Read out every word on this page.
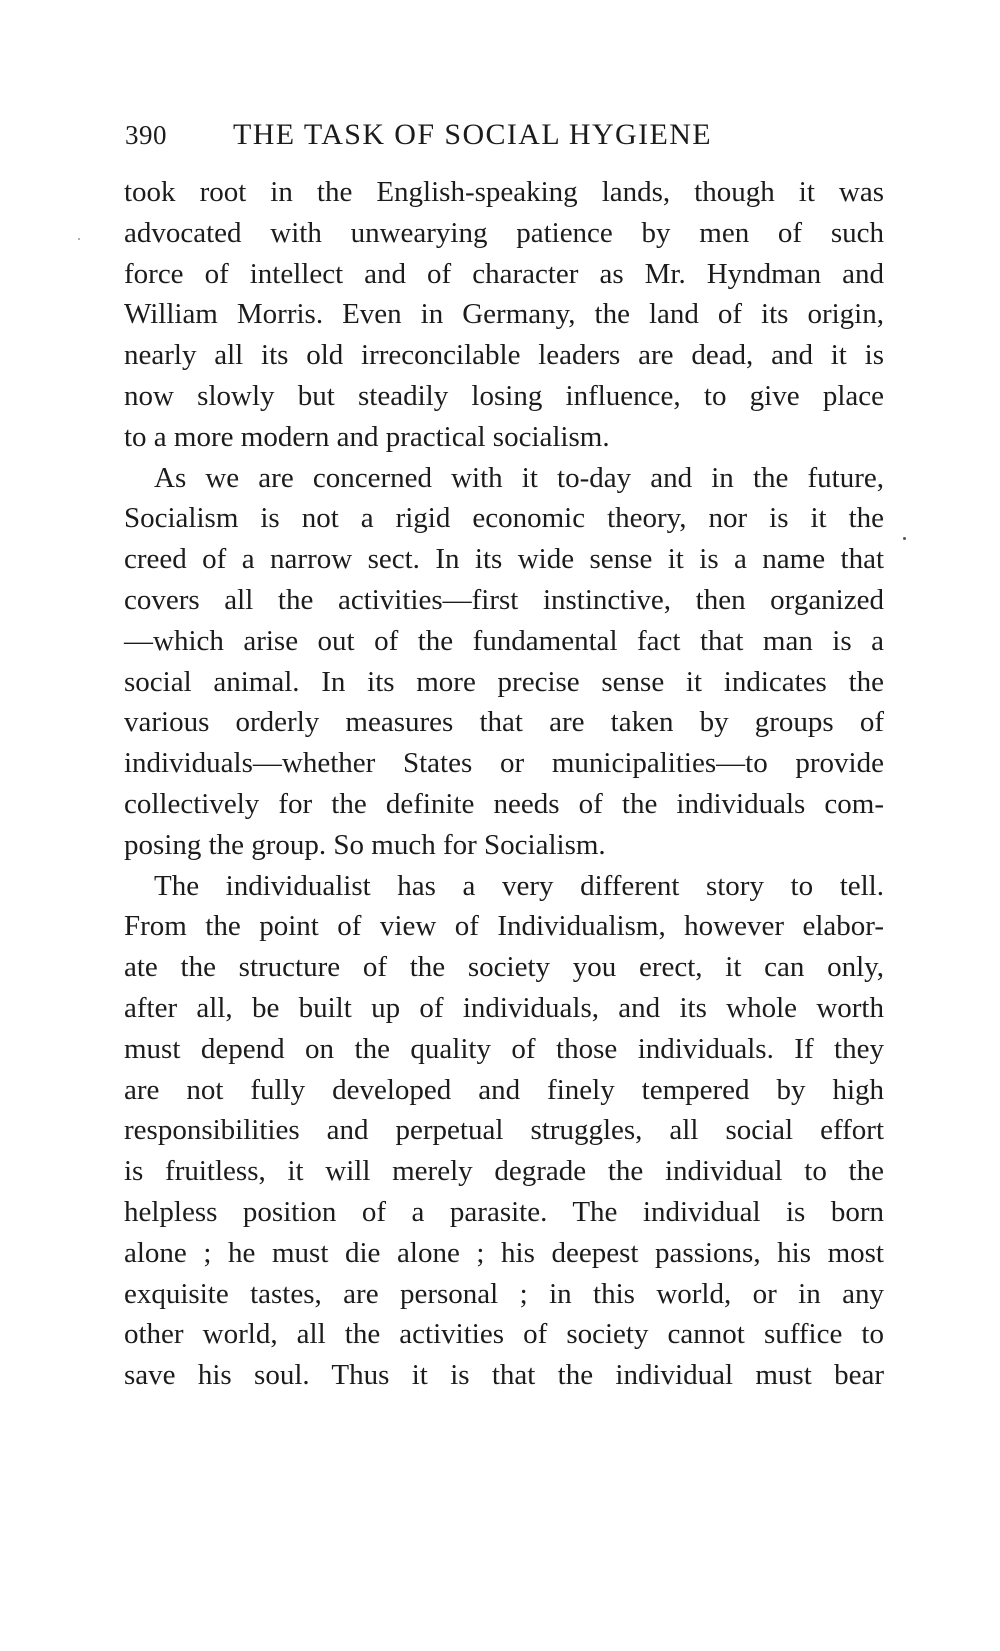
390 THE TASK OF SOCIAL HYGIENE
took root in the English-speaking lands, though it was
advocated with unwearying patience by men of such
force of intellect and of character as Mr. Hyndman and
William Morris. Even in Germany, the land of its origin,
nearly all its old irreconcilable leaders are dead, and it is
now slowly but steadily losing influence, to give place
to a more modern and practical socialism.
As we are concerned with it to-day and in the future,
Socialism is not a rigid economic theory, nor is it the
creed of a narrow sect. In its wide sense it is a name that
covers all the activities—first instinctive, then organized
—which arise out of the fundamental fact that man is a
social animal. In its more precise sense it indicates the
various orderly measures that are taken by groups of
individuals—whether States or municipalities—to provide
collectively for the definite needs of the individuals com-
posing the group. So much for Socialism.
The individualist has a very different story to tell.
From the point of view of Individualism, however elabor-
ate the structure of the society you erect, it can only,
after all, be built up of individuals, and its whole worth
must depend on the quality of those individuals. If they
are not fully developed and finely tempered by high
responsibilities and perpetual struggles, all social effort
is fruitless, it will merely degrade the individual to the
helpless position of a parasite. The individual is born
alone ; he must die alone ; his deepest passions, his most
exquisite tastes, are personal ; in this world, or in any
other world, all the activities of society cannot suffice to
save his soul. Thus it is that the individual must bear
